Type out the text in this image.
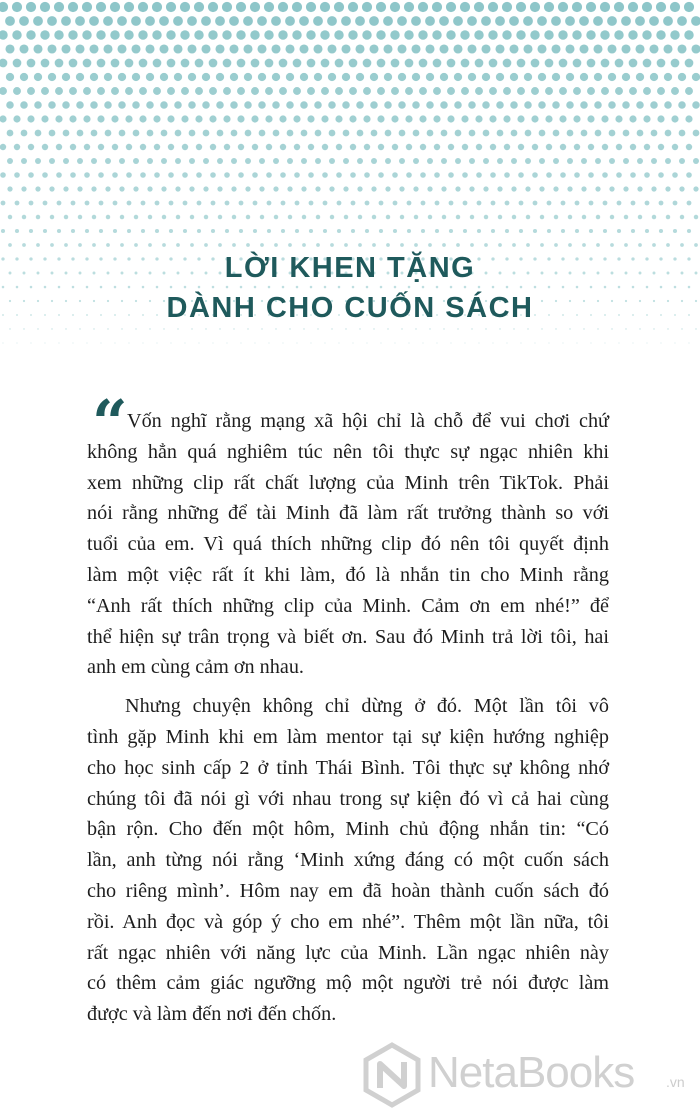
LỜI KHEN TẶNG
DÀNH CHO CUỐN SÁCH
“ Vốn nghĩ rằng mạng xã hội chỉ là chỗ để vui chơi chứ
không hẳn quá nghiêm túc nên tôi thực sự ngạc nhiên khi
xem những clip rất chất lượng của Minh trên TikTok. Phải
nói rằng những để tài Minh đã làm rất trưởng thành so với
tuổi của em. Vì quá thích những clip đó nên tôi quyết định
làm một việc rất ít khi làm, đó là nhắn tin cho Minh rằng
“Anh rất thích những clip của Minh. Cảm ơn em nhé!” để
thể hiện sự trân trọng và biết ơn. Sau đó Minh trả lời tôi, hai
anh em cùng cảm ơn nhau.
Nhưng chuyện không chỉ dừng ở đó. Một lần tôi vô
tình gặp Minh khi em làm mentor tại sự kiện hướng nghiệp
cho học sinh cấp 2 ở tỉnh Thái Bình. Tôi thực sự không nhớ
chúng tôi đã nói gì với nhau trong sự kiện đó vì cả hai cùng
bận rộn. Cho đến một hôm, Minh chủ động nhắn tin: “Có
lần, anh từng nói rằng ‘Minh xứng đáng có một cuốn sách
cho riêng mình’. Hôm nay em đã hoàn thành cuốn sách đó
rồi. Anh đọc và góp ý cho em nhé”. Thêm một lần nữa, tôi
rất ngạc nhiên với năng lực của Minh. Lần ngạc nhiên này
có thêm cảm giác ngưỡng mộ một người trẻ nói được làm
được và làm đến nơi đến chốn.
NetaBooks .vn
